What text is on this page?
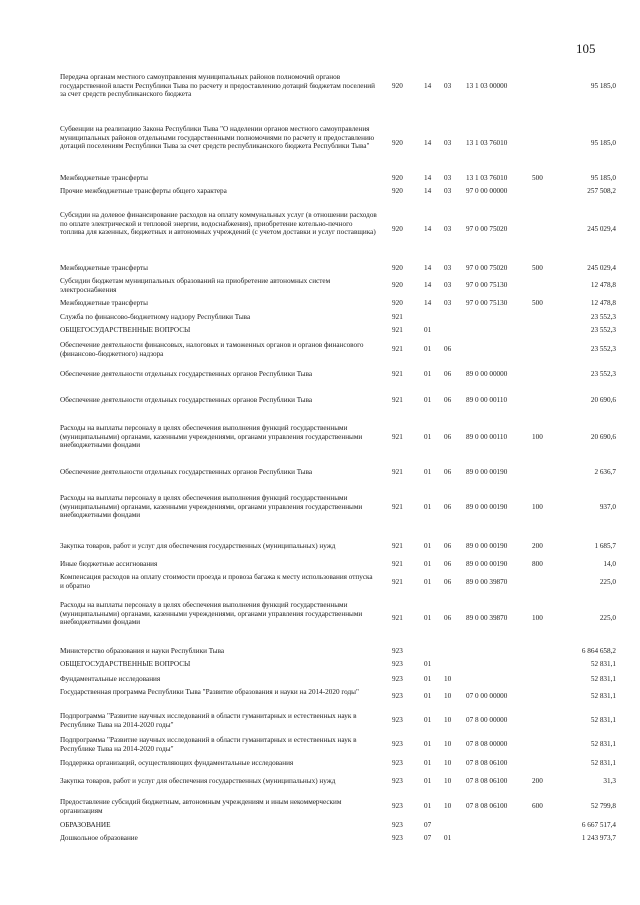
105
Передача органам местного самоуправления муниципальных районов полномочий органов государственной власти Республики Тыва по расчету и предоставлению дотаций бюджетам поселений за счет средств республиканского бюджета
920	14	03	13 1 03 00000	95 185,0
Субвенции на реализацию Закона Республики Тыва "О наделении органов местного самоуправления муниципальных районов отдельными государственными полномочиями по расчету и предоставлению дотаций поселениям Республики Тыва за счет средств республиканского бюджета Республики Тыва"	920	14	03	13 1 03 76010	95 185,0
Межбюджетные трансферты	920	14	03	13 1 03 76010	500	95 185,0
Прочие межбюджетные трансферты общего характера	920	14	03	97 0 00 00000	257 508,2
Субсидии на долевое финансирование расходов на оплату коммунальных услуг (в отношении расходов по оплате электрической и тепловой энергии, водоснабжения), приобретение котельно-печного топлива для казенных, бюджетных и автономных учреждений (с учетом доставки и услуг поставщика)	920	14	03	97 0 00 75020	245 029,4
Межбюджетные трансферты	920	14	03	97 0 00 75020	500	245 029,4
Субсидии бюджетам муниципальных образований на приобретение автономных систем электроснабжения
920	14	03	97 0 00 75130	12 478,8
Межбюджетные трансферты	920	14	03	97 0 00 75130	500	12 478,8
Служба по финансово-бюджетному надзору Республики Тыва	921	23 552,3
ОБЩЕГОСУДАРСТВЕННЫЕ ВОПРОСЫ	921	01	23 552,3
Обеспечение деятельности финансовых, налоговых и таможенных органов и органов финансового (финансово-бюджетного) надзора
921	01	06	23 552,3
Обеспечение деятельности отдельных государственных органов Республики Тыва	921	01	06	89 0 00 00000	23 552,3
Обеспечение деятельности отдельных государственных органов Республики Тыва	921	01	06	89 0 00 00110	20 690,6
Расходы на выплаты персоналу в целях обеспечения выполнения функций государственными (муниципальными) органами, казенными учреждениями, органами управления государственными внебюджетными фондами
921	01	06	89 0 00 00110	100	20 690,6
Обеспечение деятельности отдельных государственных органов Республики Тыва	921	01	06	89 0 00 00190	2 636,7
Расходы на выплаты персоналу в целях обеспечения выполнения функций государственными (муниципальными) органами, казенными учреждениями, органами управления государственными внебюджетными фондами
921	01	06	89 0 00 00190	100	937,0
Закупка товаров, работ и услуг для обеспечения государственных (муниципальных) нужд	921	01	06	89 0 00 00190	200	1 685,7
Иные бюджетные ассигнования	921	01	06	89 0 00 00190	800	14,0
Компенсация расходов на оплату стоимости проезда и провоза багажа к месту использования отпуска и обратно	921	01	06	89 0 00 39870	225,0
Расходы на выплаты персоналу в целях обеспечения выполнения функций государственными (муниципальными) органами, казенными учреждениями, органами управления государственными внебюджетными фондами
921	01	06	89 0 00 39870	100	225,0
Министерство образования и науки Республики Тыва	923	6 864 658,2
ОБЩЕГОСУДАРСТВЕННЫЕ ВОПРОСЫ	923	01	52 831,1
Фундаментальные исследования	923	01	10	52 831,1
Государственная программа Республики Тыва "Развитие образования и науки на 2014-2020 годы"	923	01	10	07 0 00 00000	52 831,1
Подпрограмма "Развитие научных исследований в области гуманитарных и естественных наук в Республике Тыва на 2014-2020 годы"
923	01	10	07 8 00 00000	52 831,1
Подпрограмма "Развитие научных исследований в области гуманитарных и естественных наук в Республике Тыва на 2014-2020 годы"
923	01	10	07 8 08 00000	52 831,1
Поддержка организаций, осуществляющих фундаментальные исследования	923	01	10	07 8 08 06100	52 831,1
Закупка товаров, работ и услуг для обеспечения государственных (муниципальных) нужд	923	01	10	07 8 08 06100	200	31,3
Предоставление субсидий бюджетным, автономным учреждениям и иным некоммерческим организациям
923	01	10	07 8 08 06100	600	52 799,8
ОБРАЗОВАНИЕ	923	07	6 667 517,4
Дошкольное образование	923	07	01	1 243 973,7
